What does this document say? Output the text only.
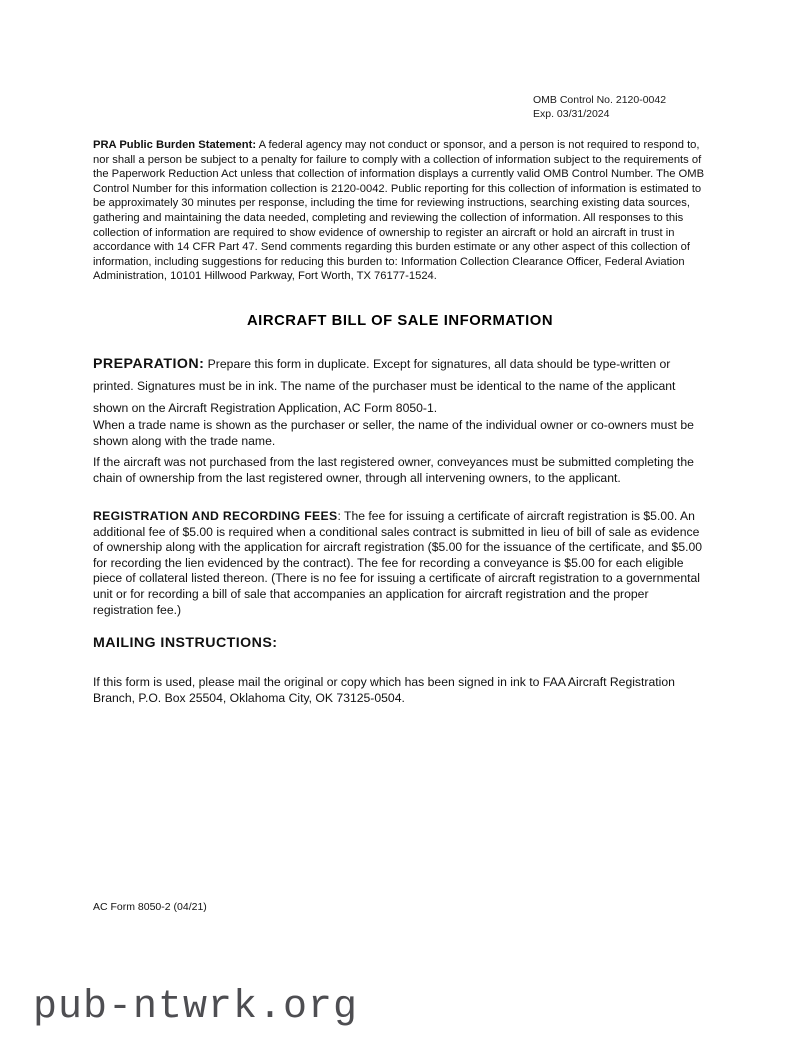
OMB Control No. 2120-0042
Exp. 03/31/2024
PRA Public Burden Statement: A federal agency may not conduct or sponsor, and a person is not required to respond to, nor shall a person be subject to a penalty for failure to comply with a collection of information subject to the requirements of the Paperwork Reduction Act unless that collection of information displays a currently valid OMB Control Number. The OMB Control Number for this information collection is 2120-0042. Public reporting for this collection of information is estimated to be approximately 30 minutes per response, including the time for reviewing instructions, searching existing data sources, gathering and maintaining the data needed, completing and reviewing the collection of information. All responses to this collection of information are required to show evidence of ownership to register an aircraft or hold an aircraft in trust in accordance with 14 CFR Part 47. Send comments regarding this burden estimate or any other aspect of this collection of information, including suggestions for reducing this burden to: Information Collection Clearance Officer, Federal Aviation Administration, 10101 Hillwood Parkway, Fort Worth, TX 76177-1524.
AIRCRAFT BILL OF SALE INFORMATION
PREPARATION: Prepare this form in duplicate. Except for signatures, all data should be type-written or printed. Signatures must be in ink. The name of the purchaser must be identical to the name of the applicant shown on the Aircraft Registration Application, AC Form 8050-1.
When a trade name is shown as the purchaser or seller, the name of the individual owner or co-owners must be shown along with the trade name.
If the aircraft was not purchased from the last registered owner, conveyances must be submitted completing the chain of ownership from the last registered owner, through all intervening owners, to the applicant.
REGISTRATION AND RECORDING FEES: The fee for issuing a certificate of aircraft registration is $5.00. An additional fee of $5.00 is required when a conditional sales contract is submitted in lieu of bill of sale as evidence of ownership along with the application for aircraft registration ($5.00 for the issuance of the certificate, and $5.00 for recording the lien evidenced by the contract). The fee for recording a conveyance is $5.00 for each eligible piece of collateral listed thereon. (There is no fee for issuing a certificate of aircraft registration to a governmental unit or for recording a bill of sale that accompanies an application for aircraft registration and the proper registration fee.)
MAILING INSTRUCTIONS:
If this form is used, please mail the original or copy which has been signed in ink to FAA Aircraft Registration Branch, P.O. Box 25504, Oklahoma City, OK 73125-0504.
AC Form 8050-2 (04/21)
pub-ntwrk.org
